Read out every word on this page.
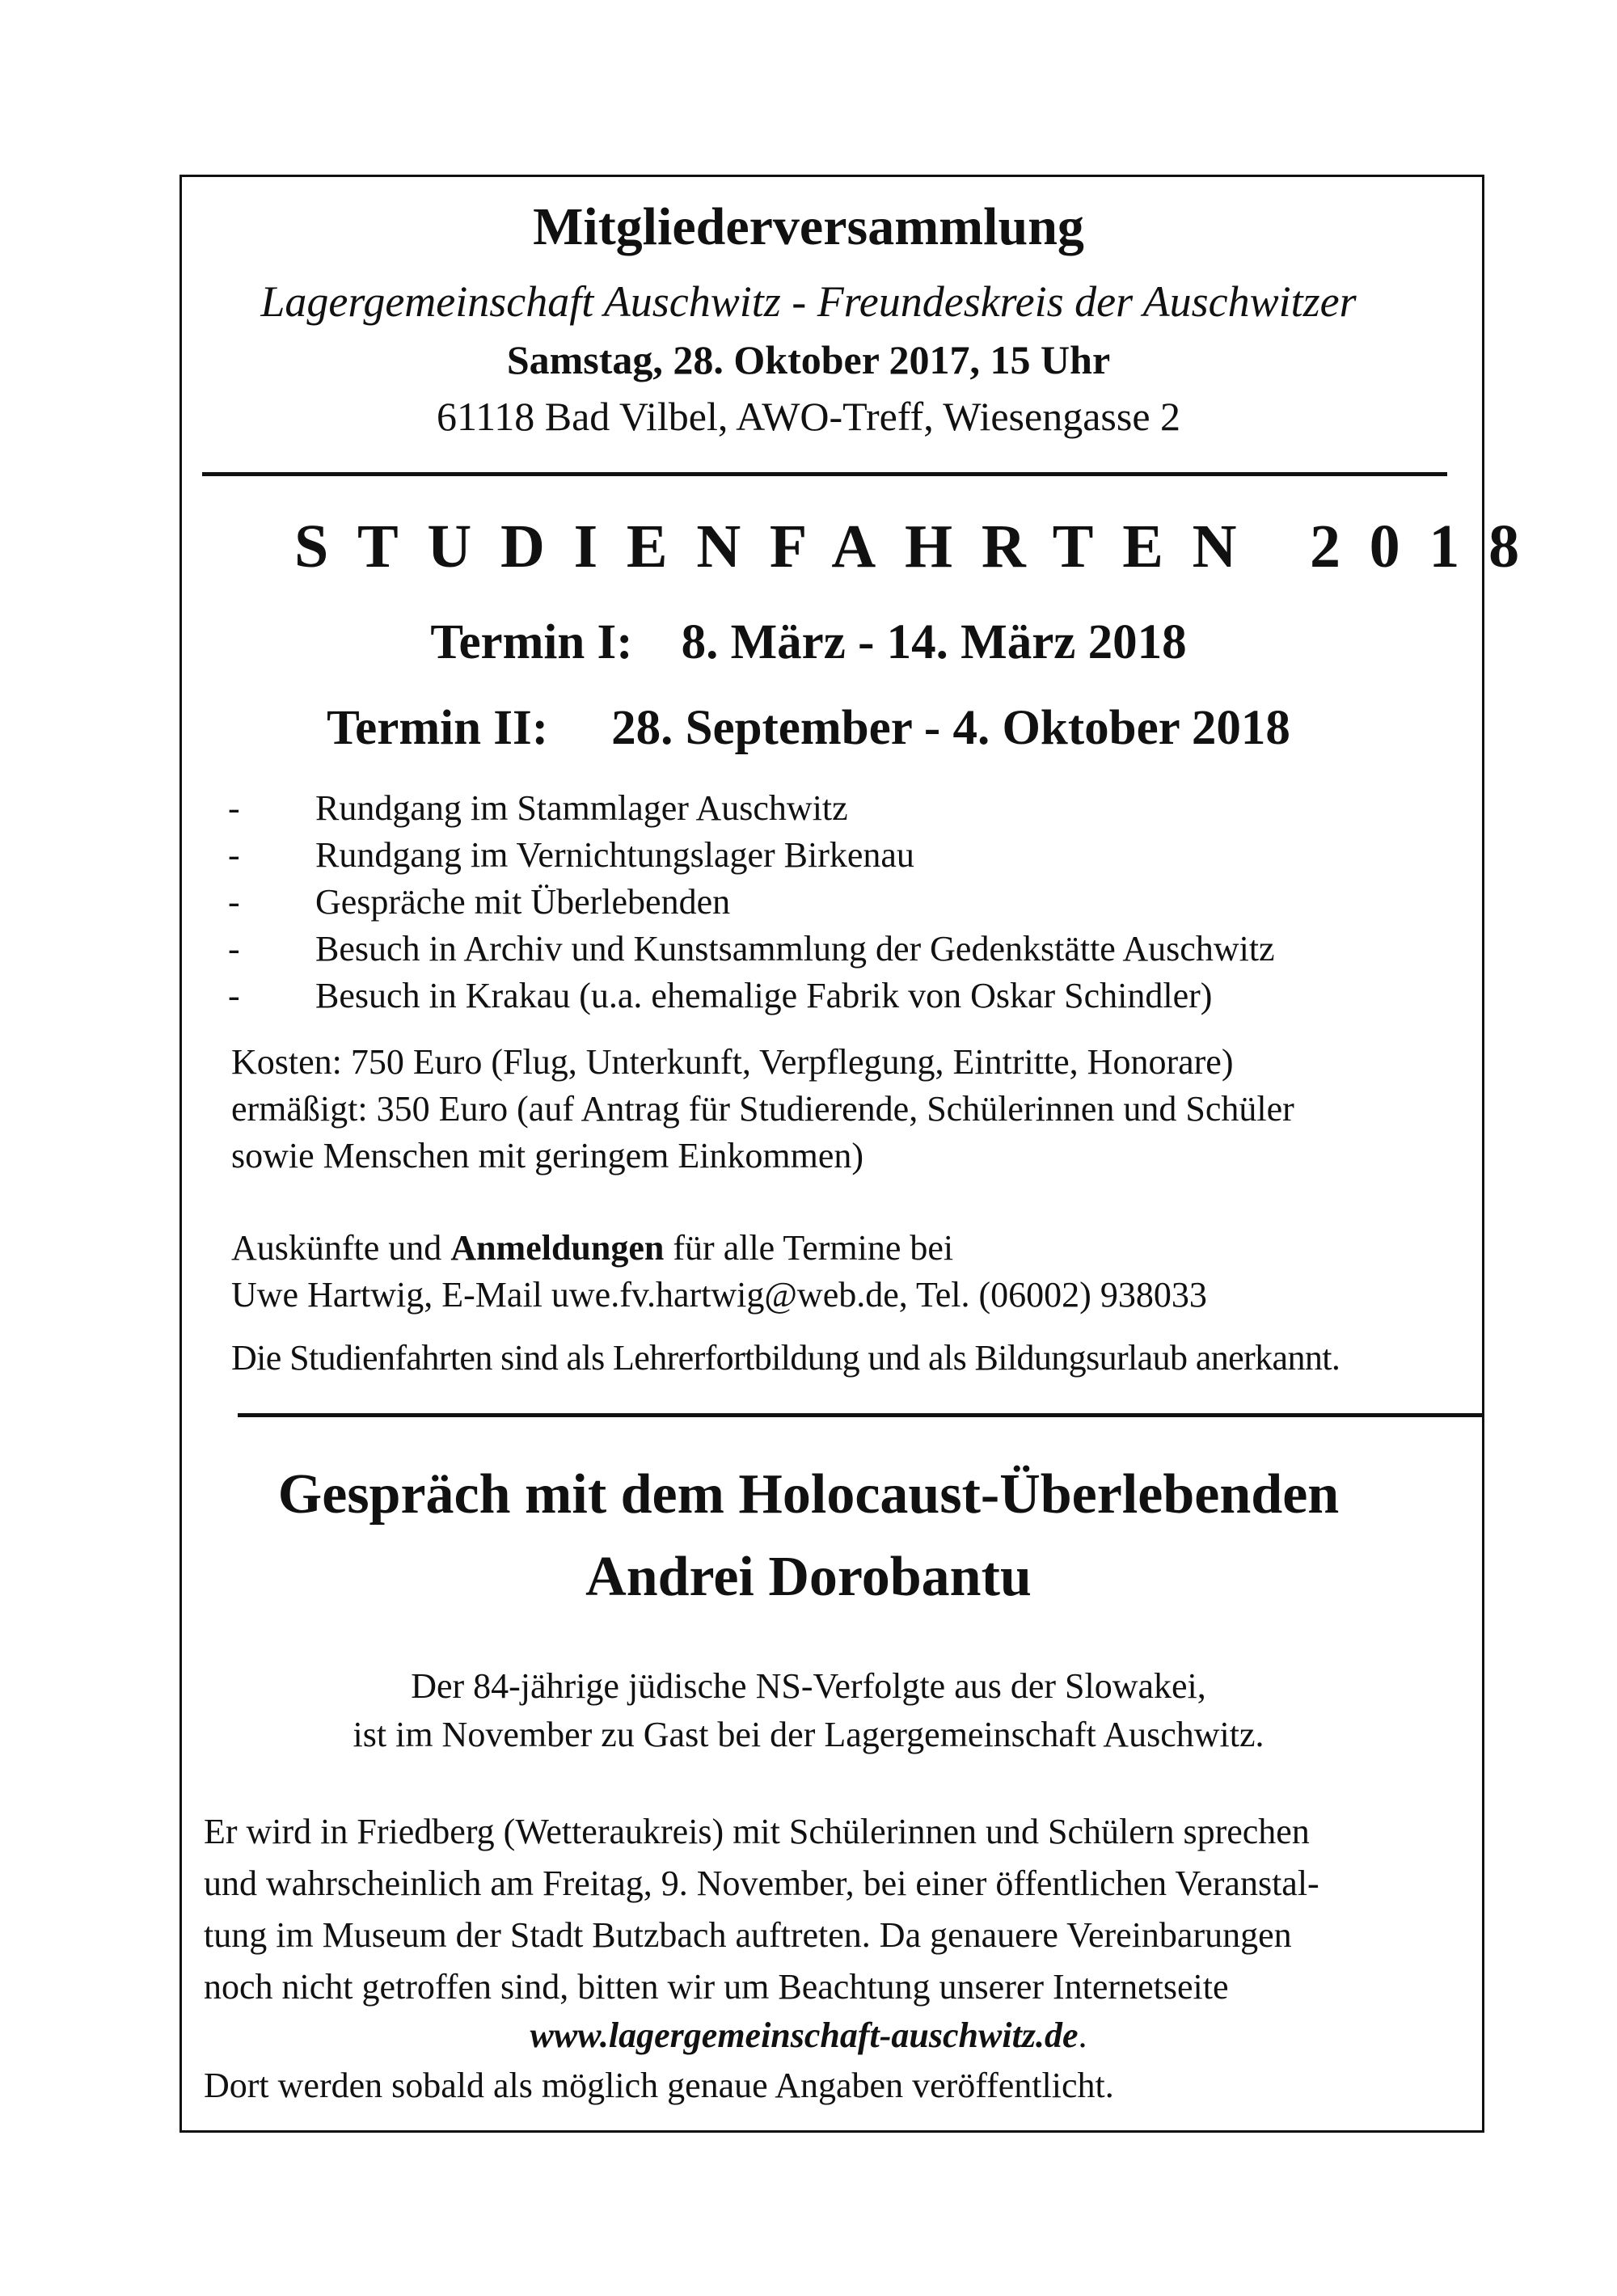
Mitgliederversammlung
Lagergemeinschaft Auschwitz - Freundeskreis der Auschwitzer
Samstag, 28. Oktober 2017, 15 Uhr
61118 Bad Vilbel, AWO-Treff, Wiesengasse 2
STUDIENFAHRTEN 2018
Termin I: 8. März - 14. März 2018
Termin II: 28. September - 4. Oktober 2018
- Rundgang im Stammlager Auschwitz
- Rundgang im Vernichtungslager Birkenau
- Gespräche mit Überlebenden
- Besuch in Archiv und Kunstsammlung der Gedenkstätte Auschwitz
- Besuch in Krakau (u.a. ehemalige Fabrik von Oskar Schindler)
Kosten: 750 Euro (Flug, Unterkunft, Verpflegung, Eintritte, Honorare)
ermäßigt: 350 Euro (auf Antrag für Studierende, Schülerinnen und Schüler
sowie Menschen mit geringem Einkommen)
Auskünfte und Anmeldungen für alle Termine bei
Uwe Hartwig, E-Mail uwe.fv.hartwig@web.de, Tel. (06002) 938033
Die Studienfahrten sind als Lehrerfortbildung und als Bildungsurlaub anerkannt.
Gespräch mit dem Holocaust-Überlebenden
Andrei Dorobantu
Der 84-jährige jüdische NS-Verfolgte aus der Slowakei,
ist im November zu Gast bei der Lagergemeinschaft Auschwitz.
Er wird in Friedberg (Wetteraukreis) mit Schülerinnen und Schülern sprechen
und wahrscheinlich am Freitag, 9. November, bei einer öffentlichen Veranstal-
tung im Museum der Stadt Butzbach auftreten. Da genauere Vereinbarungen
noch nicht getroffen sind, bitten wir um Beachtung unserer Internetseite
www.lagergemeinschaft-auschwitz.de.
Dort werden sobald als möglich genaue Angaben veröffentlicht.
